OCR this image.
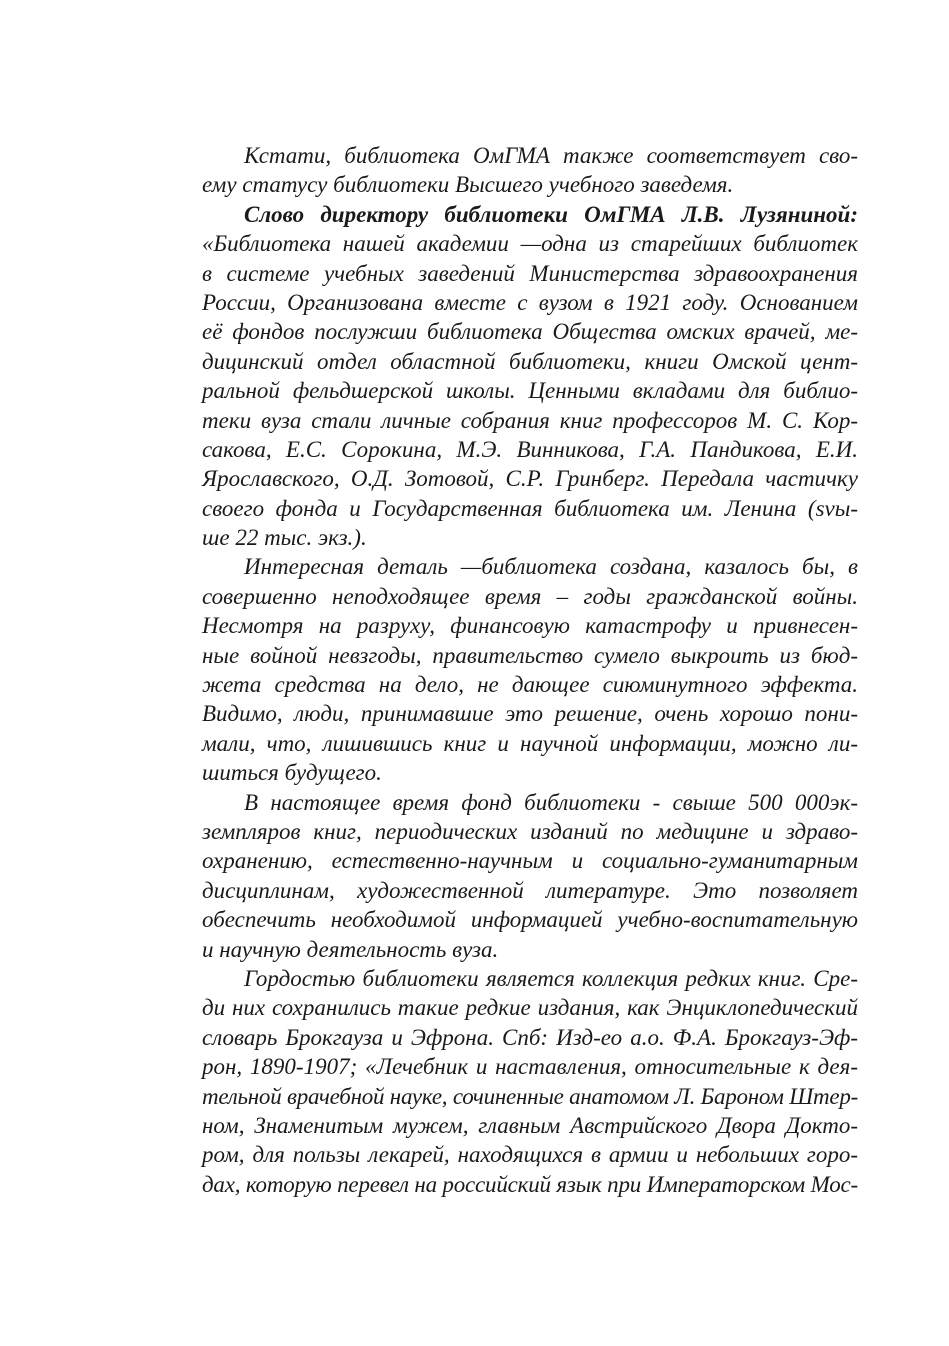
Кстати, библиотека ОмГМА также соответствует сво-
ему статусу библиотеки Высшего учебного заведемя.
Слово директору библиотеки ОмГМА Л.В. Лузяниной:
«Библиотека нашей академии —одна из старейших библиотек
в системе учебных заведений Министерства здравоохранения
России, Организована вместе с вузом в 1921 году. Основанием
её фондов послужши библиотека Общества омских врачей, ме-
дицинский отдел областной библиотеки, книги Омской цент-
ральной фельдшерской школы. Ценными вкладами для библио-
теки вуза стали личные собрания книг профессоров М. С. Кор-
сакова, Е.С. Сорокина, М.Э. Винникова, Г.А. Пандикова, Е.И.
Ярославского, О.Д. Зотовой, С.Р. Гринберг. Передала частичку
своего фонда и Государственная библиотека им. Ленина (svы-
ше 22 тыс. экз.).
Интересная деталь —библиотека создана, казалось бы, в
совершенно неподходящее время – годы гражданской войны.
Несмотря на разруху, финансовую катастрофу и привнесен-
ные войной невзгоды, правительство сумело выкроить из бюд-
жета средства на дело, не дающее сиюминутного эффекта.
Видимо, люди, принимавшие это решение, очень хорошо пони-
мали, что, лишившись книг и научной информации, можно ли-
шиться будущего.
В настоящее время фонд библиотеки - свыше 500 000эк-
земпляров книг, периодических изданий по медицине и здраво-
охранению, естественно-научным и социально-гуманитарным
дисциплинам, художественной литературе. Это позволяет
обеспечить необходимой информацией учебно-воспитательную
и научную деятельность вуза.
Гордостью библиотеки является коллекция редких книг. Сре-
ди них сохранились такие редкие издания, как Энциклопедический
словарь Брокгауза и Эфрона. Спб: Изд-ео а.о. Ф.А. Брокгауз-Эф-
рон, 1890-1907; «Лечебник и наставления, относительные к дея-
тельной врачебной науке, сочиненные анатомом Л. Бароном Штер-
ном, Знаменитым мужем, главным Австрийского Двора Доктo-
ром, для пользы лекарей, находящихся в армии и небольших горо-
дах, которую перевел на российский язык при Императорском Мос-
